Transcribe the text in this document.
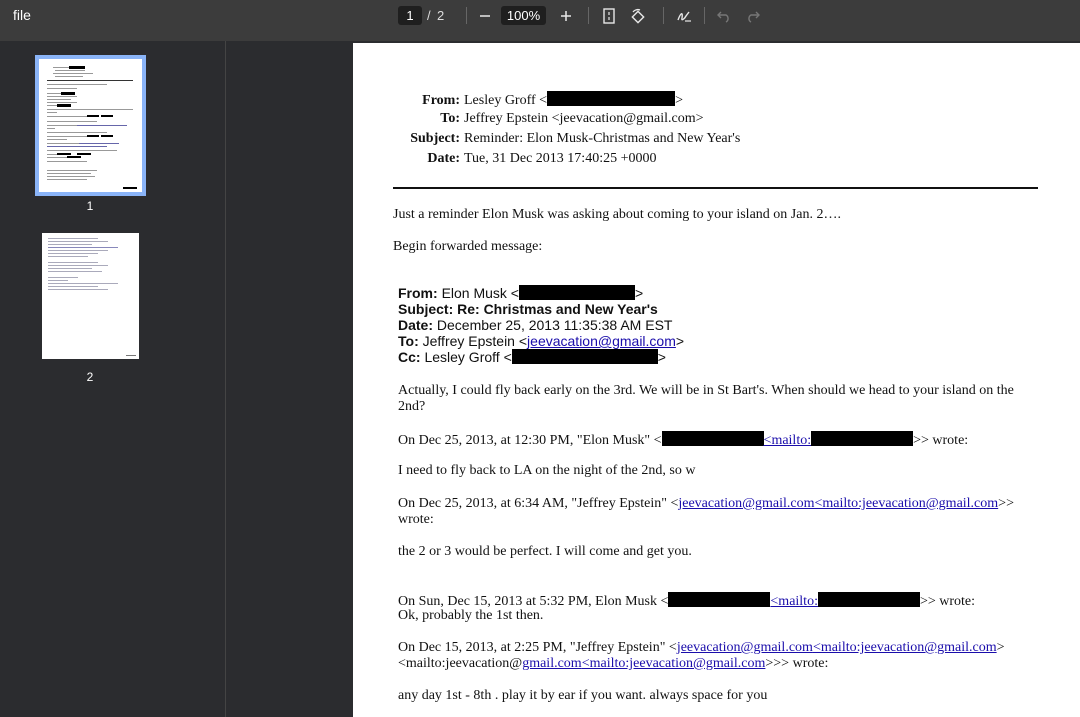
file	1	/ 2	100%
1
2
From: Lesley Groff <	>
To: Jeffrey Epstein <jeevacation@gmail.com>
Subject: Reminder: Elon Musk-Christmas and New Year's
Date: Tue, 31 Dec 2013 17:40:25 +0000
Just a reminder Elon Musk was asking about coming to your island on Jan. 2….
Begin forwarded message:
From: Elon Musk <	>
Subject: Re: Christmas and New Year's
Date: December 25, 2013 11:35:38 AM EST
To: Jeffrey Epstein <jeevacation@gmail.com>
Cc: Lesley Groff <	>
Actually, I could fly back early on the 3rd. We will be in St Bart's. When should we head to your island on the
2nd?
On Dec 25, 2013, at 12:30 PM, "Elon Musk" <	<mailto:	>> wrote:
I need to fly back to LA on the night of the 2nd, so w
On Dec 25, 2013, at 6:34 AM, "Jeffrey Epstein" <jeevacation@gmail.com<mailto:jeevacation@gmail.com>>
wrote:
the 2 or 3 would be perfect. I will come and get you.
On Sun, Dec 15, 2013 at 5:32 PM, Elon Musk <	<mailto:	>> wrote:
Ok, probably the 1st then.
On Dec 15, 2013, at 2:25 PM, "Jeffrey Epstein" <jeevacation@gmail.com<mailto:jeevacation@gmail.com>
<mailto:jeevacation@gmail.com<mailto:jeevacation@gmail.com>>> wrote:
any day 1st - 8th . play it by ear if you want. always space for you
